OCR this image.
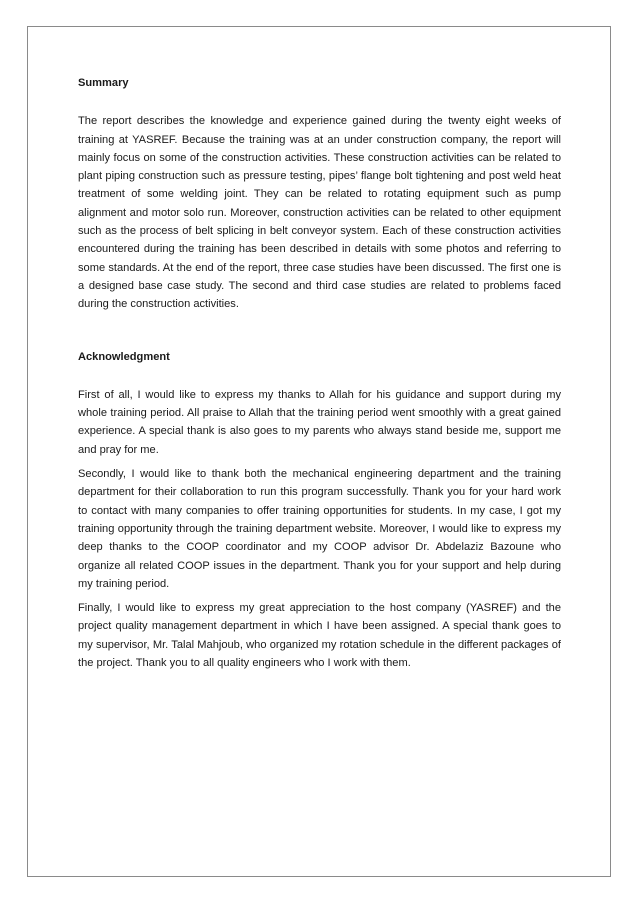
Summary

The report describes the knowledge and experience gained during the twenty eight weeks of training at YASREF. Because the training was at an under construction company, the report will mainly focus on some of the construction activities. These construction activities can be related to plant piping construction such as pressure testing, pipes’ flange bolt tightening and post weld heat treatment of some welding joint. They can be related to rotating equipment such as pump alignment and motor solo run. Moreover, construction activities can be related to other equipment such as the process of belt splicing in belt conveyor system. Each of these construction activities encountered during the training has been described in details with some photos and referring to some standards. At the end of the report, three case studies have been discussed. The first one is a designed base case study. The second and third case studies are related to problems faced during the construction activities.

Acknowledgment

First of all, I would like to express my thanks to Allah for his guidance and support during my whole training period. All praise to Allah that the training period went smoothly with a great gained experience. A special thank is also goes to my parents who always stand beside me, support me and pray for me.

Secondly, I would like to thank both the mechanical engineering department and the training department for their collaboration to run this program successfully. Thank you for your hard work to contact with many companies to offer training opportunities for students. In my case, I got my training opportunity through the training department website. Moreover, I would like to express my deep thanks to the COOP coordinator and my COOP advisor Dr. Abdelaziz Bazoune who organize all related COOP issues in the department. Thank you for your support and help during my training period.

Finally, I would like to express my great appreciation to the host company (YASREF) and the project quality management department in which I have been assigned. A special thank goes to my supervisor, Mr. Talal Mahjoub, who organized my rotation schedule in the different packages of the project. Thank you to all quality engineers who I work with them.
